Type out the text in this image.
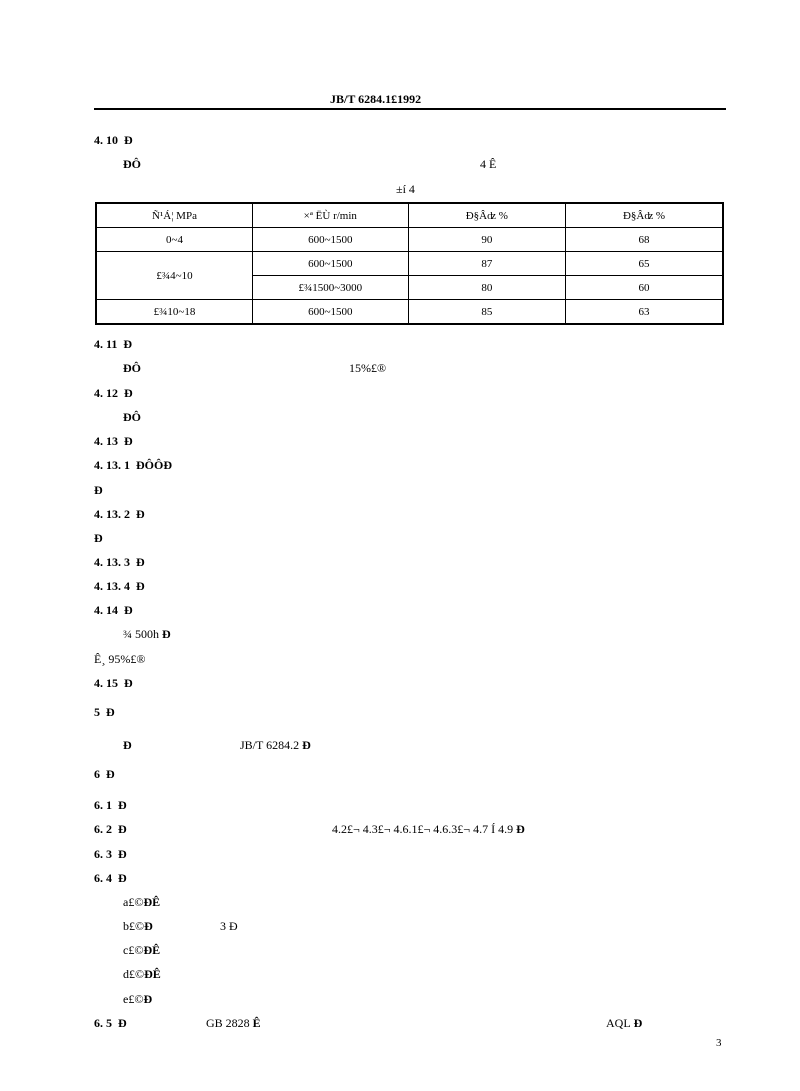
JB/T 6284.1£1992
4. 10 Ð
ÐÔ	4 Ê
±í 4
Ñ¹Á¦ MPa	×ª ËÙ r/min	Ð§Âʣ %	Ð§Âʣ %
0~4	600~1500	90	68
£¾4~10	600~1500	87	65
	£¾1500~3000	80	60
£¾10~18	600~1500	85	63
4. 11 Ð
ÐÔ	15%£®
4. 12 Ð
ÐÔ
4. 13 Ð
4. 13. 1 ÐÔÔÐ
Ð
4. 13. 2 Ð
Ð
4. 13. 3 Ð
4. 13. 4 Ð
4. 14 Ð
¾ 500h Ð
Ê¸ 95%£®
4. 15 Ð
5 Ð
Ð	JB/T 6284.2 Ð
6 Ð
6. 1 Ð
6. 2 Ð	4.2£¬ 4.3£¬ 4.6.1£¬ 4.6.3£¬ 4.7 Í 4.9 Ð
6. 3 Ð
6. 4 Ð
a£©ÐÊ
b£©Ð	3 Ð
c£©ÐÊ
d£©ÐÊ
e£©Ð
6. 5 Ð	GB 2828 Ê	AQL Ð
3
